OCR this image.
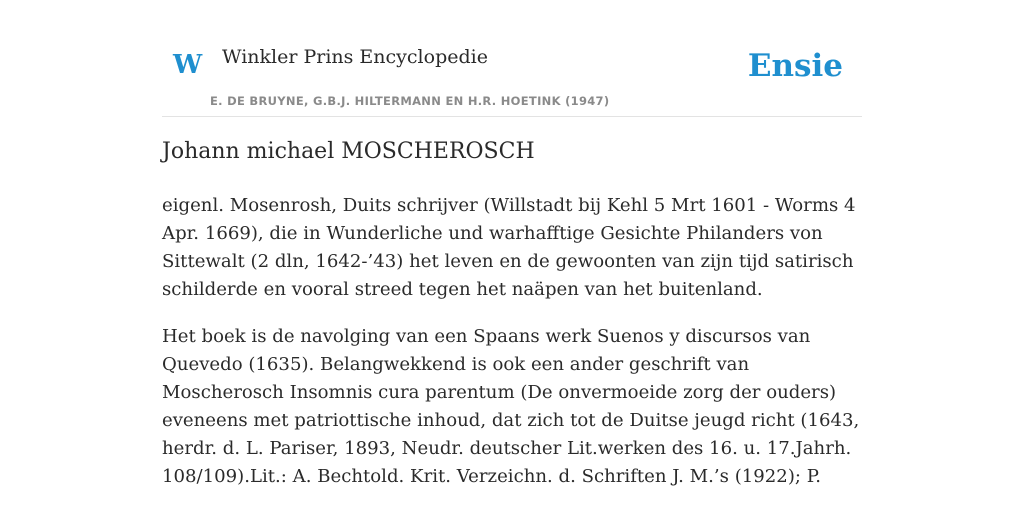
W Winkler Prins Encyclopedie
E. DE BRUYNE, G.B.J. HILTERMANN EN H.R. HOETINK (1947)
Ensie
Johann michael MOSCHEROSCH

eigenl. Mosenrosh, Duits schrijver (Willstadt bij Kehl 5 Mrt 1601 - Worms 4 Apr. 1669), die in Wunderliche und warhafftige Gesichte Philanders von Sittewalt (2 dln, 1642-’43) het leven en de gewoonten van zijn tijd satirisch schilderde en vooral streed tegen het naäpen van het buitenland.

Het boek is de navolging van een Spaans werk Suenos y discursos van Quevedo (1635). Belangwekkend is ook een ander geschrift van Moscherosch Insomnis cura parentum (De onvermoeide zorg der ouders) eveneens met patriottische inhoud, dat zich tot de Duitse jeugd richt (1643, herdr. d. L. Pariser, 1893, Neudr. deutscher Lit.werken des 16. u. 17.Jahrh. 108/109).Lit.: A. Bechtold. Krit. Verzeichn. d. Schriften J. M.’s (1922); P.
